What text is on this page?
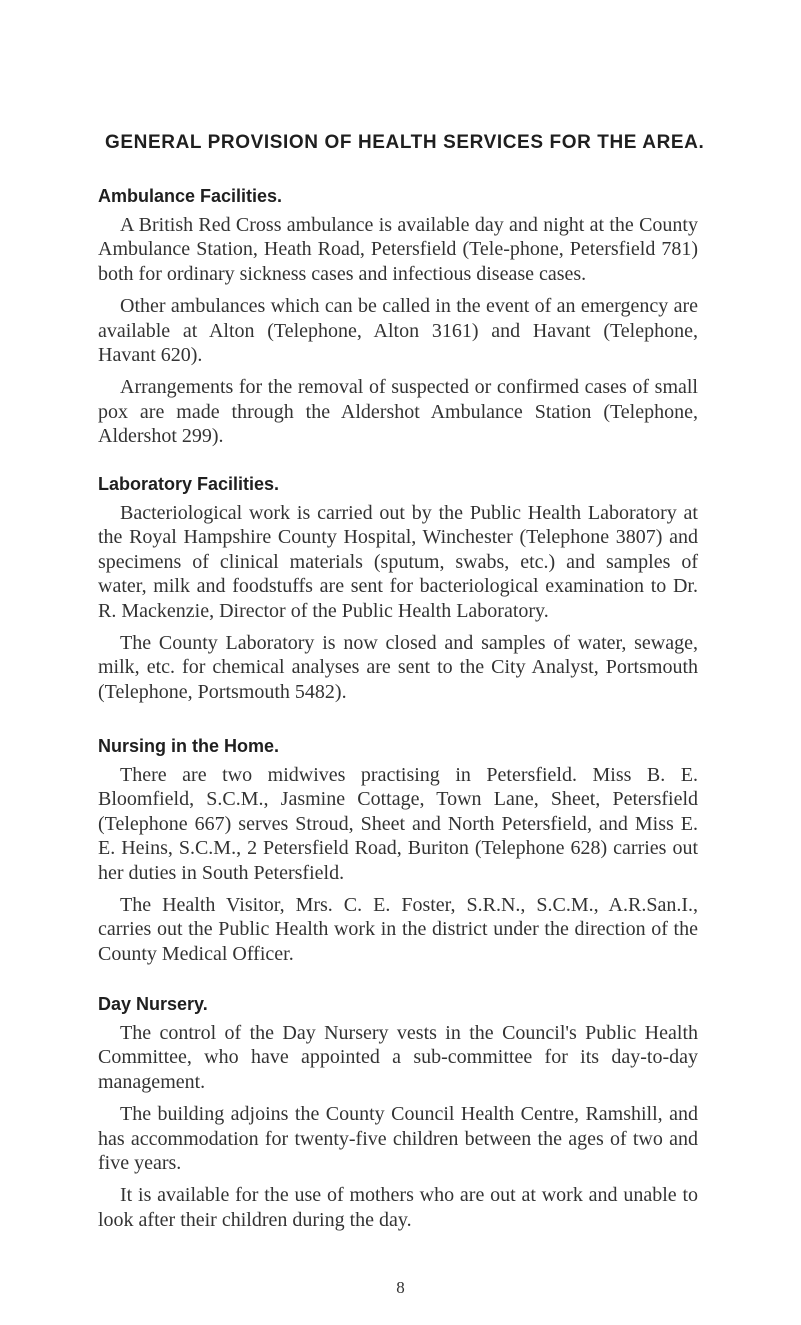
GENERAL PROVISION OF HEALTH SERVICES FOR THE AREA.
Ambulance Facilities.

A British Red Cross ambulance is available day and night at the County Ambulance Station, Heath Road, Petersfield (Tele-phone, Petersfield 781) both for ordinary sickness cases and infectious disease cases.

Other ambulances which can be called in the event of an emergency are available at Alton (Telephone, Alton 3161) and Havant (Telephone, Havant 620).

Arrangements for the removal of suspected or confirmed cases of small pox are made through the Aldershot Ambulance Station (Telephone, Aldershot 299).

Laboratory Facilities.

Bacteriological work is carried out by the Public Health Laboratory at the Royal Hampshire County Hospital, Winchester (Telephone 3807) and specimens of clinical materials (sputum, swabs, etc.) and samples of water, milk and foodstuffs are sent for bacteriological examination to Dr. R. Mackenzie, Director of the Public Health Laboratory.

The County Laboratory is now closed and samples of water, sewage, milk, etc. for chemical analyses are sent to the City Analyst, Portsmouth (Telephone, Portsmouth 5482).

Nursing in the Home.

There are two midwives practising in Petersfield. Miss B. E. Bloomfield, S.C.M., Jasmine Cottage, Town Lane, Sheet, Petersfield (Telephone 667) serves Stroud, Sheet and North Petersfield, and Miss E. E. Heins, S.C.M., 2 Petersfield Road, Buriton (Telephone 628) carries out her duties in South Petersfield.

The Health Visitor, Mrs. C. E. Foster, S.R.N., S.C.M., A.R.San.I., carries out the Public Health work in the district under the direction of the County Medical Officer.

Day Nursery.

The control of the Day Nursery vests in the Council's Public Health Committee, who have appointed a sub-committee for its day-to-day management.

The building adjoins the County Council Health Centre, Ramshill, and has accommodation for twenty-five children between the ages of two and five years.

It is available for the use of mothers who are out at work and unable to look after their children during the day.

8
